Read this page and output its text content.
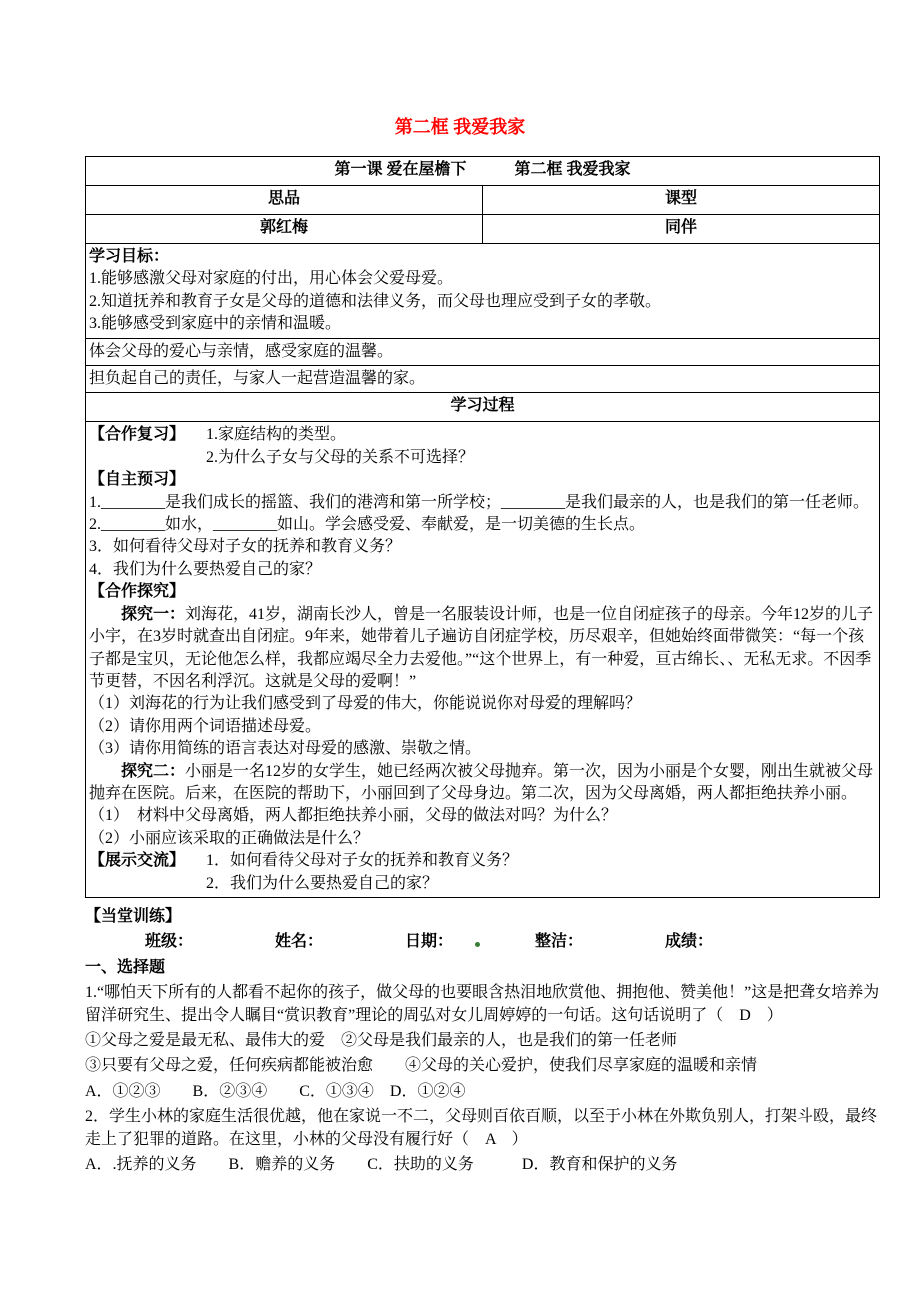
第二框 我爱我家
第一课 爱在屋檐下　　　第二框 我爱我家	
思品	课型
郭红梅	同伴

学习目标：

1.能够感激父母对家庭的付出，用心体会父爱母爱。

2.知道抚养和教育子女是父母的道德和法律义务，而父母也理应受到子女的孝敬。

3.能够感受到家庭中的亲情和温暖。	

体会父母的爱心与亲情，感受家庭的温馨。	

担负起自己的责任，与家人一起营造温馨的家。	

学习过程	

【合作复习】 1.家庭结构的类型。

2.为什么子女与父母的关系不可选择？

【自主预习】

1.________是我们成长的摇篮、我们的港湾和第一所学校；________是我们最亲的人，也是我们的第一任老师。

2.________如水，________如山。学会感受爱、奉献爱，是一切美德的生长点。

3．如何看待父母对子女的抚养和教育义务？

4．我们为什么要热爱自己的家？

【合作探究】

探究一：刘海花，41岁，湖南长沙人，曾是一名服装设计师，也是一位自闭症孩子的母亲。今年12岁的儿子小宇，在3岁时就查出自闭症。9年来，她带着儿子遍访自闭症学校，历尽艰辛，但她始终面带微笑：“每一个孩子都是宝贝，无论他怎么样，我都应竭尽全力去爱他。”“这个世界上，有一种爱，亘古绵长、、无私无求。不因季节更替，不因名利浮沉。这就是父母的爱啊！”

（1）刘海花的行为让我们感受到了母爱的伟大，你能说说你对母爱的理解吗？

（2）请你用两个词语描述母爱。

（3）请你用简练的语言表达对母爱的感激、崇敬之情。

探究二：小丽是一名12岁的女学生，她已经两次被父母抛弃。第一次，因为小丽是个女婴，刚出生就被父母抛弃在医院。后来，在医院的帮助下，小丽回到了父母身边。第二次，因为父母离婚，两人都拒绝扶养小丽。

（1）　材料中父母离婚，两人都拒绝扶养小丽，父母的做法对吗？为什么？

（2）小丽应该采取的正确做法是什么？

【展示交流】 1．如何看待父母对子女的抚养和教育义务？

2．我们为什么要热爱自己的家？

【当堂训练】

班级：	姓名：	日期：	整洁：	成绩：

一、选择题

1.“哪怕天下所有的人都看不起你的孩子，做父母的也要眼含热泪地欣赏他、拥抱他、赞美他！”这是把聋女培养为留洋研究生、提出令人瞩目“赏识教育”理论的周弘对女儿周婷婷的一句话。这句话说明了（　D　）

①父母之爱是最无私、最伟大的爱　②父母是我们最亲的人，也是我们的第一任老师

③只要有父母之爱，任何疾病都能被治愈　　④父母的关心爱护，使我们尽享家庭的温暖和亲情

A．①②③　　B．②③④　　C．①③④　D．①②④

2．学生小林的家庭生活很优越，他在家说一不二，父母则百依百顺，以至于小林在外欺负别人，打架斗殴，最终走上了犯罪的道路。在这里，小林的父母没有履行好（　A　）

A．.抚养的义务　　B．赡养的义务　　C．扶助的义务　　　D．教育和保护的义务
